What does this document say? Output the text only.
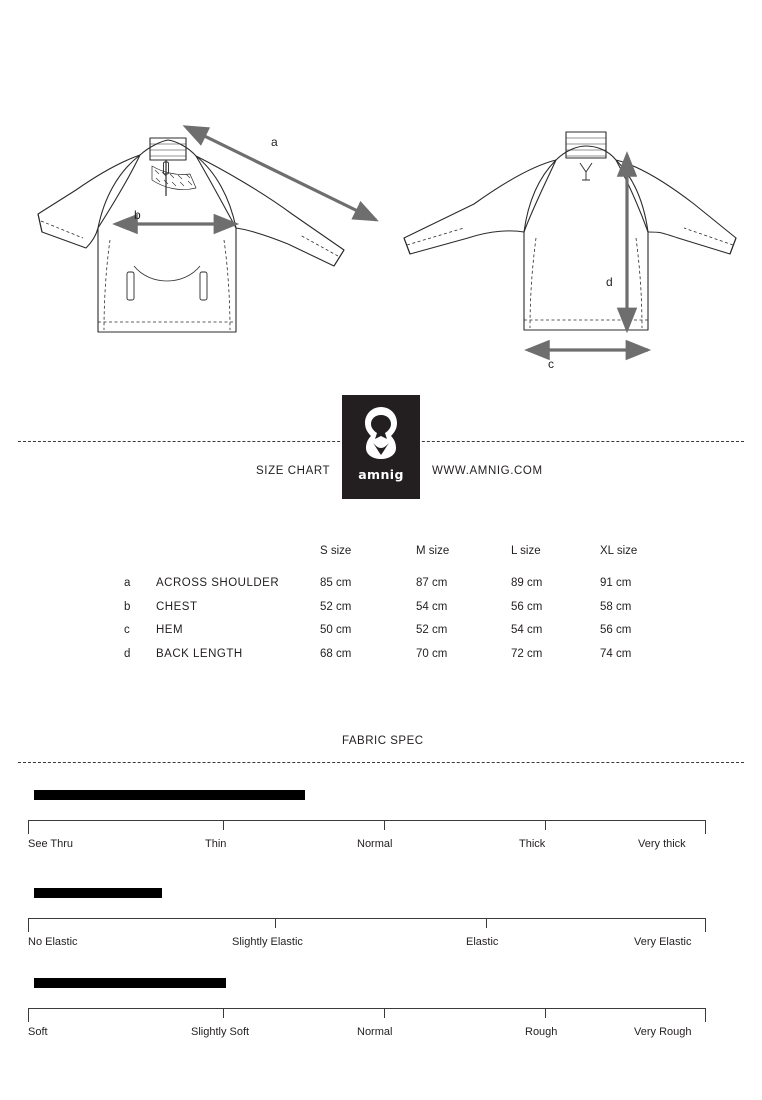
a
b
d
c
amnig
SIZE CHART	WWW.AMNIG.COM
S size	M size	L size	XL size
a ACROSS SHOULDER	85 cm	87 cm	89 cm	91 cm
b CHEST	52 cm	54 cm	56 cm	58 cm
c HEM	50 cm	52 cm	54 cm	56 cm
d BACK LENGTH	68 cm	70 cm	72 cm	74 cm
FABRIC SPEC
See Thru	Thin	Normal	Thick	Very thick
No Elastic	Slightly Elastic	Elastic	Very Elastic
Soft	Slightly Soft	Normal	Rough	Very Rough
